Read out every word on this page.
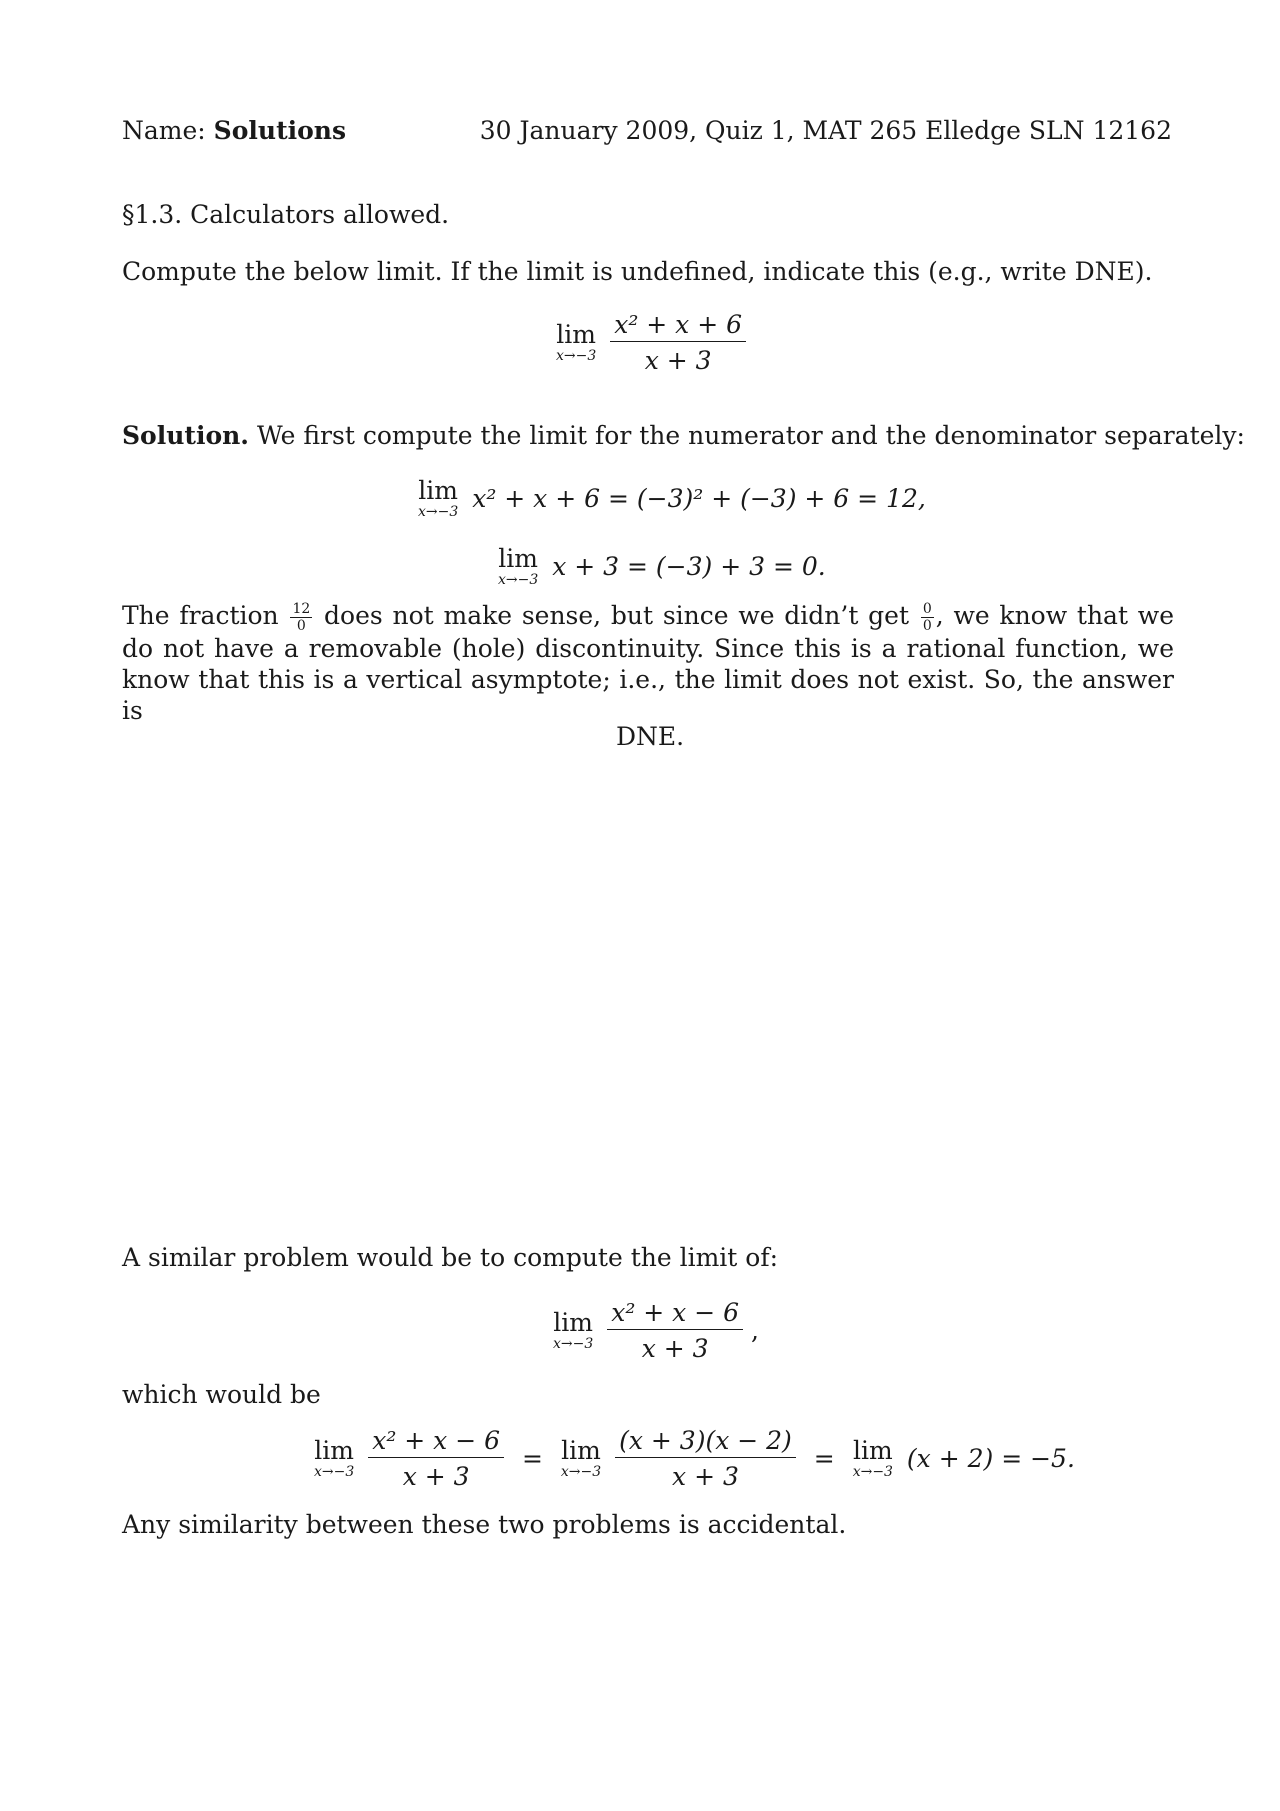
Name: Solutions	30 January 2009, Quiz 1, MAT 265 Elledge SLN 12162
§1.3. Calculators allowed.
Compute the below limit. If the limit is undefined, indicate this (e.g., write DNE).
lim
x→−3
$\frac{\text{x² + x + 6}}{x + 3}$
Solution. We first compute the limit for the numerator and the denominator separately:
lim
x→−3 x² + x + 6 = (−3)² + (−3) + 6 = 12,
lim
x→−3 x + 3 = (−3) + 3 = 0.
The fraction $\frac{12}{0}$ does not make sense, but since we didn’t get $\frac{0}{0}$ , we know that we do not have a removable (hole) discontinuity. Since this is a rational function, we know that this is a vertical asymptote; i.e., the limit does not exist. So, the answer is
DNE.
A similar problem would be to compute the limit of:
lim
x→−3
$\frac{\text{x² + x − 6}}{x + 3}$ ,
which would be
lim
x→−3
$\frac{\text{x² + x − 6}}{x + 3} = \lim$
x→−3
$\frac{(x + 3)(x - 2)}{x + 3} = \lim$
x→−3 (x + 2) = −5.
Any similarity between these two problems is accidental.
